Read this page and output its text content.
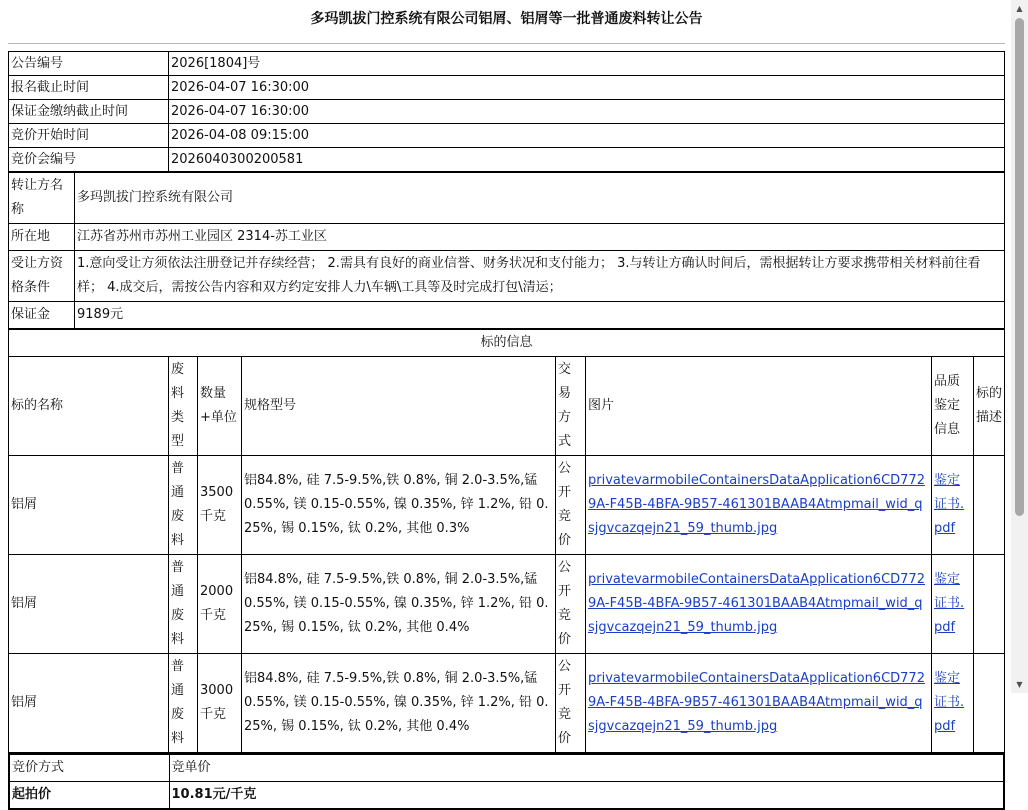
多玛凯拔门控系统有限公司铝屑、铝屑等一批普通废料转让公告
公告编号	2026[1804]号
报名截止时间	2026-04-07 16:30:00
保证金缴纳截止时间	2026-04-07 16:30:00
竞价开始时间	2026-04-08 09:15:00
竞价会编号	2026040300200581
转让方名称	多玛凯拔门控系统有限公司
所在地	江苏省苏州市苏州工业园区 2314-苏工业区
受让方资格条件	1.意向受让方须依法注册登记并存续经营； 2.需具有良好的商业信誉、财务状况和支付能力； 3.与转让方确认时间后，需根据转让方要求携带相关材料前往看样； 4.成交后，需按公告内容和双方约定安排人力\车辆\工具等及时完成打包\清运；
保证金	9189元
标的信息							
标的名称	废料类型	数量+单位	规格型号	交易方式	图片	品质鉴定信息	标的描述
铝屑	普通废料	3500千克	铝84.8%, 硅 7.5-9.5%,铁 0.8%, 铜 2.0-3.5%,锰 0.55%, 镁 0.15-0.55%, 镍 0.35%, 锌 1.2%, 铅 0.25%, 锡 0.15%, 钛 0.2%, 其他 0.3%	公开竞价	privatevarmobileContainersDataApplication6CD7729A-F45B-4BFA-9B57-461301BAAB4Atmpmail_wid_qsjgvcazqejn21_59_thumb.jpg	鉴定证书.pdf	
铝屑	普通废料	2000千克	铝84.8%, 硅 7.5-9.5%,铁 0.8%, 铜 2.0-3.5%,锰 0.55%, 镁 0.15-0.55%, 镍 0.35%, 锌 1.2%, 铅 0.25%, 锡 0.15%, 钛 0.2%, 其他 0.4%	公开竞价	privatevarmobileContainersDataApplication6CD7729A-F45B-4BFA-9B57-461301BAAB4Atmpmail_wid_qsjgvcazqejn21_59_thumb.jpg	鉴定证书.pdf	
铝屑	普通废料	3000千克	铝84.8%, 硅 7.5-9.5%,铁 0.8%, 铜 2.0-3.5%,锰 0.55%, 镁 0.15-0.55%, 镍 0.35%, 锌 1.2%, 铅 0.25%, 锡 0.15%, 钛 0.2%, 其他 0.4%	公开竞价	privatevarmobileContainersDataApplication6CD7729A-F45B-4BFA-9B57-461301BAAB4Atmpmail_wid_qsjgvcazqejn21_59_thumb.jpg	鉴定证书.pdf	
竞价方式	竞单价
起拍价	10.81元/千克
▲
▼
